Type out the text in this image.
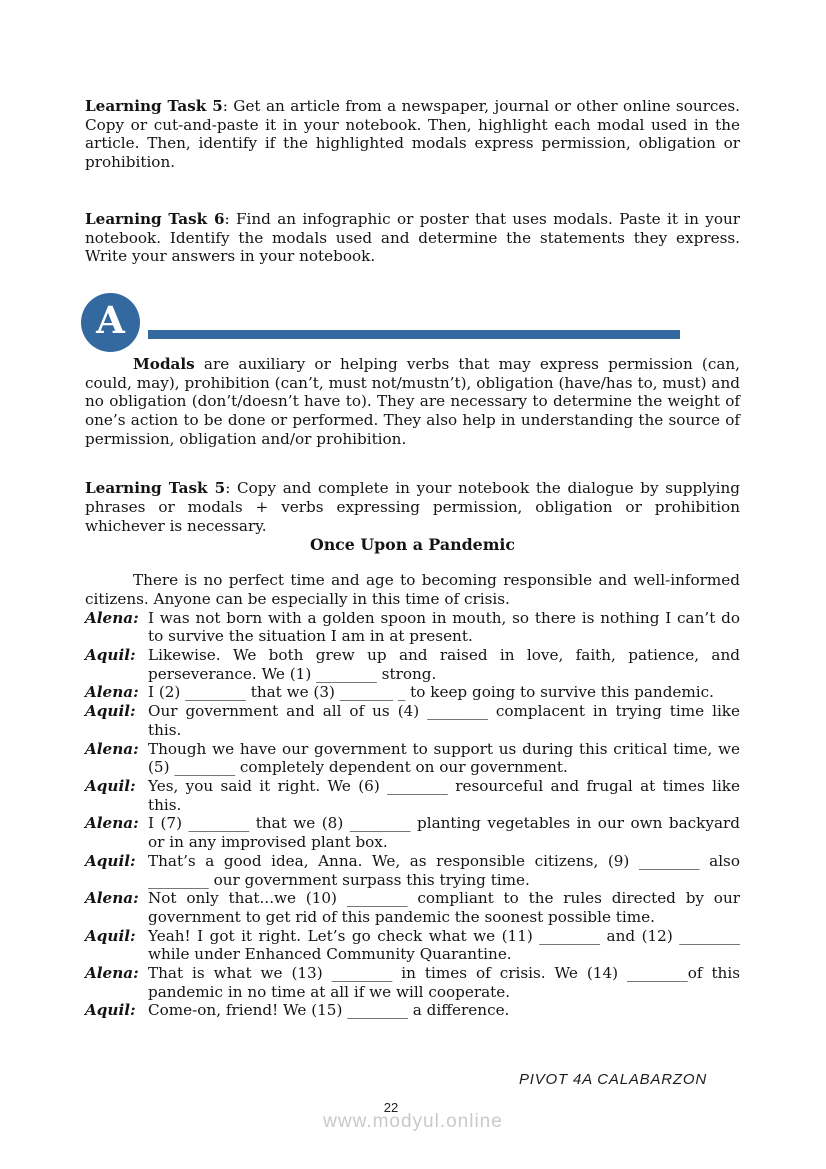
Learning Task 5: Get an article from a newspaper, journal or other online sources. Copy or cut-and-paste it in your notebook. Then, highlight each modal used in the article. Then, identify if the highlighted modals express permission, obligation or prohibition.

Learning Task 6: Find an infographic or poster that uses modals. Paste it in your notebook. Identify the modals used and determine the statements they express. Write your answers in your notebook.

A

Modals are auxiliary or helping verbs that may express permission (can, could, may), prohibition (can’t, must not/mustn’t), obligation (have/has to, must) and no obligation (don’t/doesn’t have to). They are necessary to determine the weight of one’s action to be done or performed. They also help in understanding the source of permission, obligation and/or prohibition.

Learning Task 5: Copy and complete in your notebook the dialogue by supplying phrases or modals + verbs expressing permission, obligation or prohibition whichever is necessary.

Once Upon a Pandemic

There is no perfect time and age to becoming responsible and well-informed citizens. Anyone can be especially in this time of crisis.

Alena: I was not born with a golden spoon in mouth, so there is nothing I can’t do to survive the situation I am in at present.
Aquil: Likewise. We both grew up and raised in love, faith, patience, and perseverance. We (1) ________ strong.
Alena: I (2) ________ that we (3) _______ _ to keep going to survive this pandemic.
Aquil: Our government and all of us (4) ________ complacent in trying time like this.
Alena: Though we have our government to support us during this critical time, we (5) ________ completely dependent on our government.
Aquil: Yes, you said it right. We (6) ________ resourceful and frugal at times like this.
Alena: I (7) ________ that we (8) ________ planting vegetables in our own backyard or in any improvised plant box.
Aquil: That’s a good idea, Anna. We, as responsible citizens, (9) ________ also ________ our government surpass this trying time.
Alena: Not only that...we (10) ________ compliant to the rules directed by our government to get rid of this pandemic the soonest possible time.
Aquil: Yeah! I got it right. Let’s go check what we (11) ________ and (12) ________ while under Enhanced Community Quarantine.
Alena: That is what we (13) ________ in times of crisis. We (14) ________of this pandemic in no time at all if we will cooperate.
Aquil: Come-on, friend! We (15) ________ a difference.
PIVOT 4A CALABARZON
22
www.modyul.online
